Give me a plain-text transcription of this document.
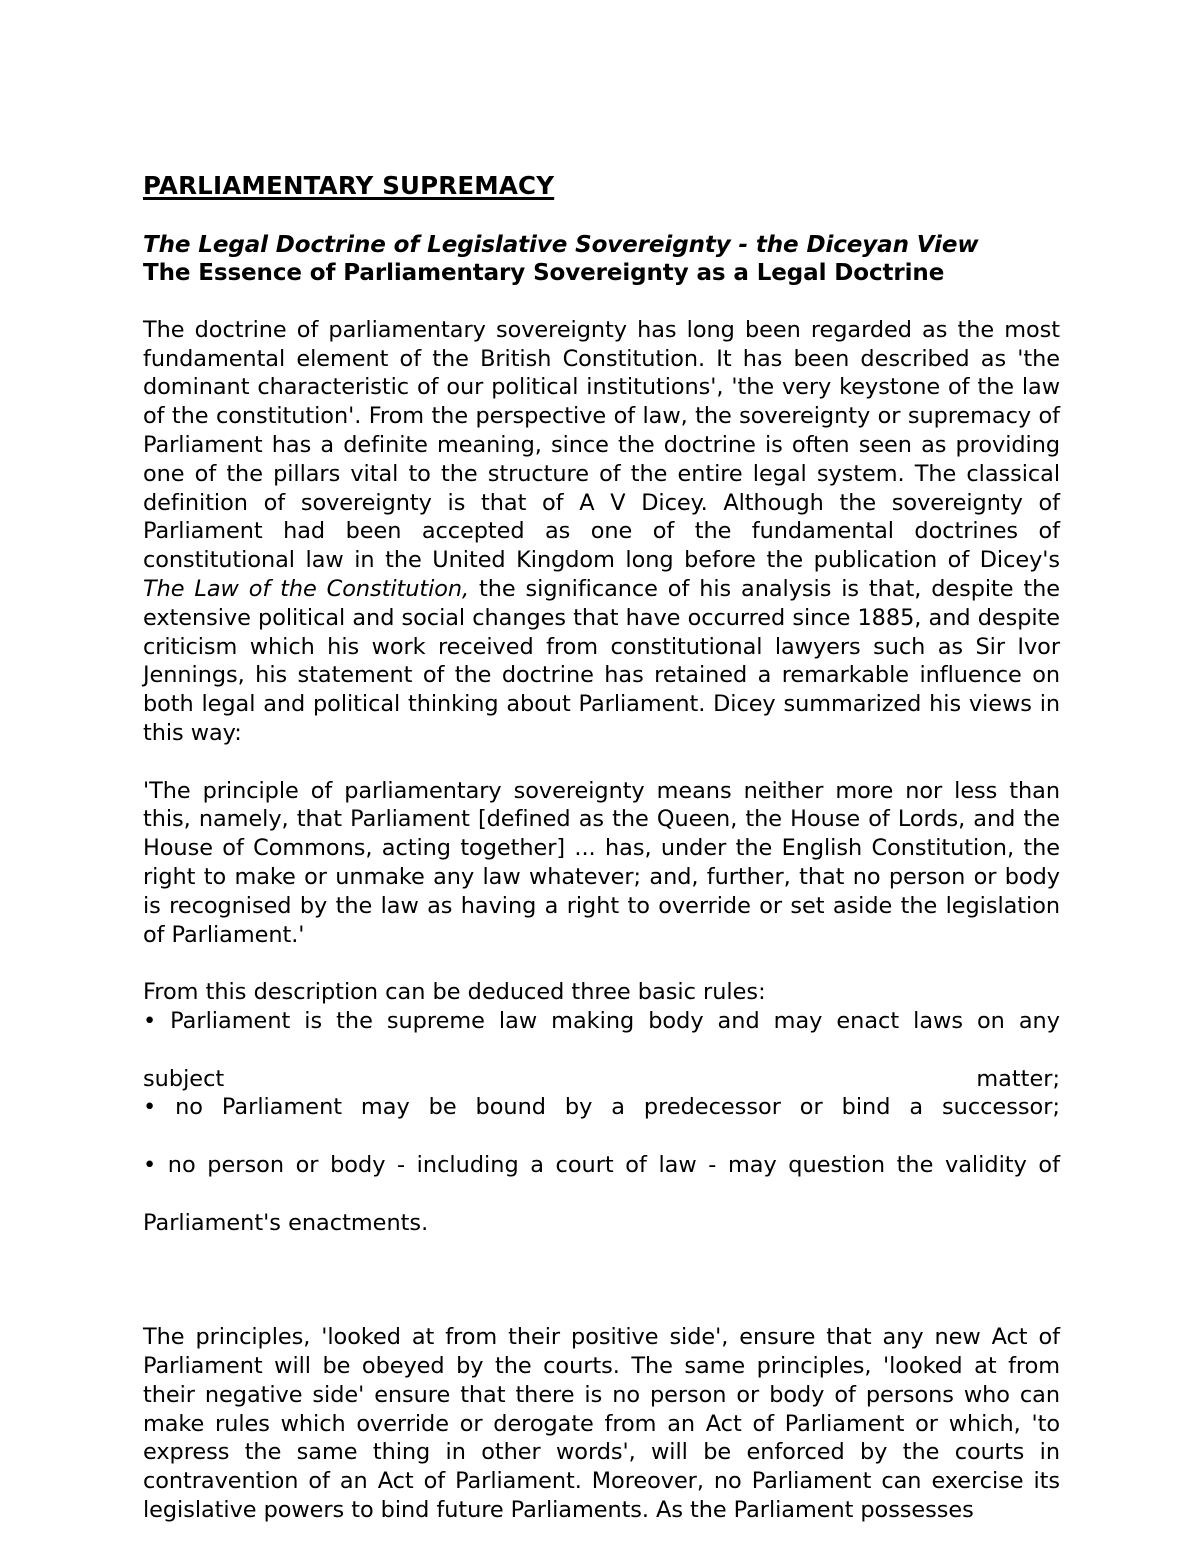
PARLIAMENTARY SUPREMACY
The Legal Doctrine of Legislative Sovereignty - the Diceyan View
The Essence of Parliamentary Sovereignty as a Legal Doctrine

The doctrine of parliamentary sovereignty has long been regarded as the most fundamental element of the British Constitution. It has been described as 'the dominant characteristic of our political institutions', 'the very keystone of the law of the constitution'. From the perspective of law, the sovereignty or supremacy of Parliament has a definite meaning, since the doctrine is often seen as providing one of the pillars vital to the structure of the entire legal system. The classical definition of sovereignty is that of A V Dicey. Although the sovereignty of Parliament had been accepted as one of the fundamental doctrines of constitutional law in the United Kingdom long before the publication of Dicey's The Law of the Constitution, the significance of his analysis is that, despite the extensive political and social changes that have occurred since 1885, and despite criticism which his work received from constitutional lawyers such as Sir Ivor Jennings, his statement of the doctrine has retained a remarkable influence on both legal and political thinking about Parliament. Dicey summarized his views in this way:

'The principle of parliamentary sovereignty means neither more nor less than this, namely, that Parliament [defined as the Queen, the House of Lords, and the House of Commons, acting together] ... has, under the English Constitution, the right to make or unmake any law whatever; and, further, that no person or body is recognised by the law as having a right to override or set aside the legislation of Parliament.'

From this description can be deduced three basic rules:
• Parliament is the supreme law making body and may enact laws on any
subject	matter;
• no Parliament may be bound by a predecessor or bind a successor;
• no person or body - including a court of law - may question the validity of
Parliament's enactments.

The principles, 'looked at from their positive side', ensure that any new Act of Parliament will be obeyed by the courts. The same principles, 'looked at from their negative side' ensure that there is no person or body of persons who can make rules which override or derogate from an Act of Parliament or which, 'to express the same thing in other words', will be enforced by the courts in contravention of an Act of Parliament. Moreover, no Parliament can exercise its legislative powers to bind future Parliaments. As the Parliament possesses
